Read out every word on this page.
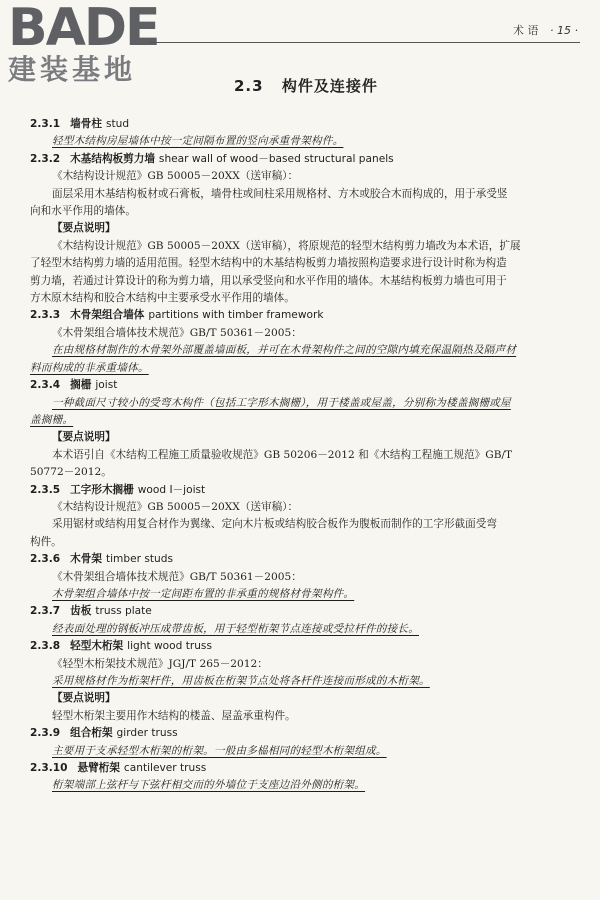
BADE
建装基地
术 语 · 15 ·
2.3 构件及连接件
2.3.1 墙骨柱 stud
轻型木结构房屋墙体中按一定间隔布置的竖向承重骨架构件。
2.3.2 木基结构板剪力墙 shear wall of wood－based structural panels
《木结构设计规范》GB 50005－20XX（送审稿）：
面层采用木基结构板材或石膏板，墙骨柱或间柱采用规格材、方木或胶合木而构成的，用于承受竖
向和水平作用的墙体。
【要点说明】
《木结构设计规范》GB 50005－20XX（送审稿），将原规范的轻型木结构剪力墙改为本术语，扩展
了轻型木结构剪力墙的适用范围。轻型木结构中的木基结构板剪力墙按照构造要求进行设计时称为构造
剪力墙，若通过计算设计的称为剪力墙，用以承受竖向和水平作用的墙体。木基结构板剪力墙也可用于
方木原木结构和胶合木结构中主要承受水平作用的墙体。
2.3.3 木骨架组合墙体 partitions with timber framework
《木骨架组合墙体技术规范》GB/T 50361－2005：
在由规格材制作的木骨架外部覆盖墙面板，并可在木骨架构件之间的空隙内填充保温隔热及隔声材
料而构成的非承重墙体。
2.3.4 搁栅 joist
一种截面尺寸较小的受弯木构件（包括工字形木搁栅），用于楼盖或屋盖，分别称为楼盖搁栅或屋
盖搁栅。
【要点说明】
本术语引自《木结构工程施工质量验收规范》GB 50206－2012 和《木结构工程施工规范》GB/T
50772－2012。
2.3.5 工字形木搁栅 wood Ⅰ－joist
《木结构设计规范》GB 50005－20XX（送审稿）：
采用锯材或结构用复合材作为翼缘、定向木片板或结构胶合板作为腹板而制作的工字形截面受弯
构件。
2.3.6 木骨架 timber studs
《木骨架组合墙体技术规范》GB/T 50361－2005：
木骨架组合墙体中按一定间距布置的非承重的规格材骨架构件。
2.3.7 齿板 truss plate
经表面处理的钢板冲压成带齿板，用于轻型桁架节点连接或受拉杆件的接长。
2.3.8 轻型木桁架 light wood truss
《轻型木桁架技术规范》JGJ/T 265－2012：
采用规格材作为桁架杆件，用齿板在桁架节点处将各杆件连接而形成的木桁架。
【要点说明】
轻型木桁架主要用作木结构的楼盖、屋盖承重构件。
2.3.9 组合桁架 girder truss
主要用于支承轻型木桁架的桁架。一般由多榀相同的轻型木桁架组成。
2.3.10 悬臂桁架 cantilever truss
桁架端部上弦杆与下弦杆相交而的外墙位于支座边沿外侧的桁架。
